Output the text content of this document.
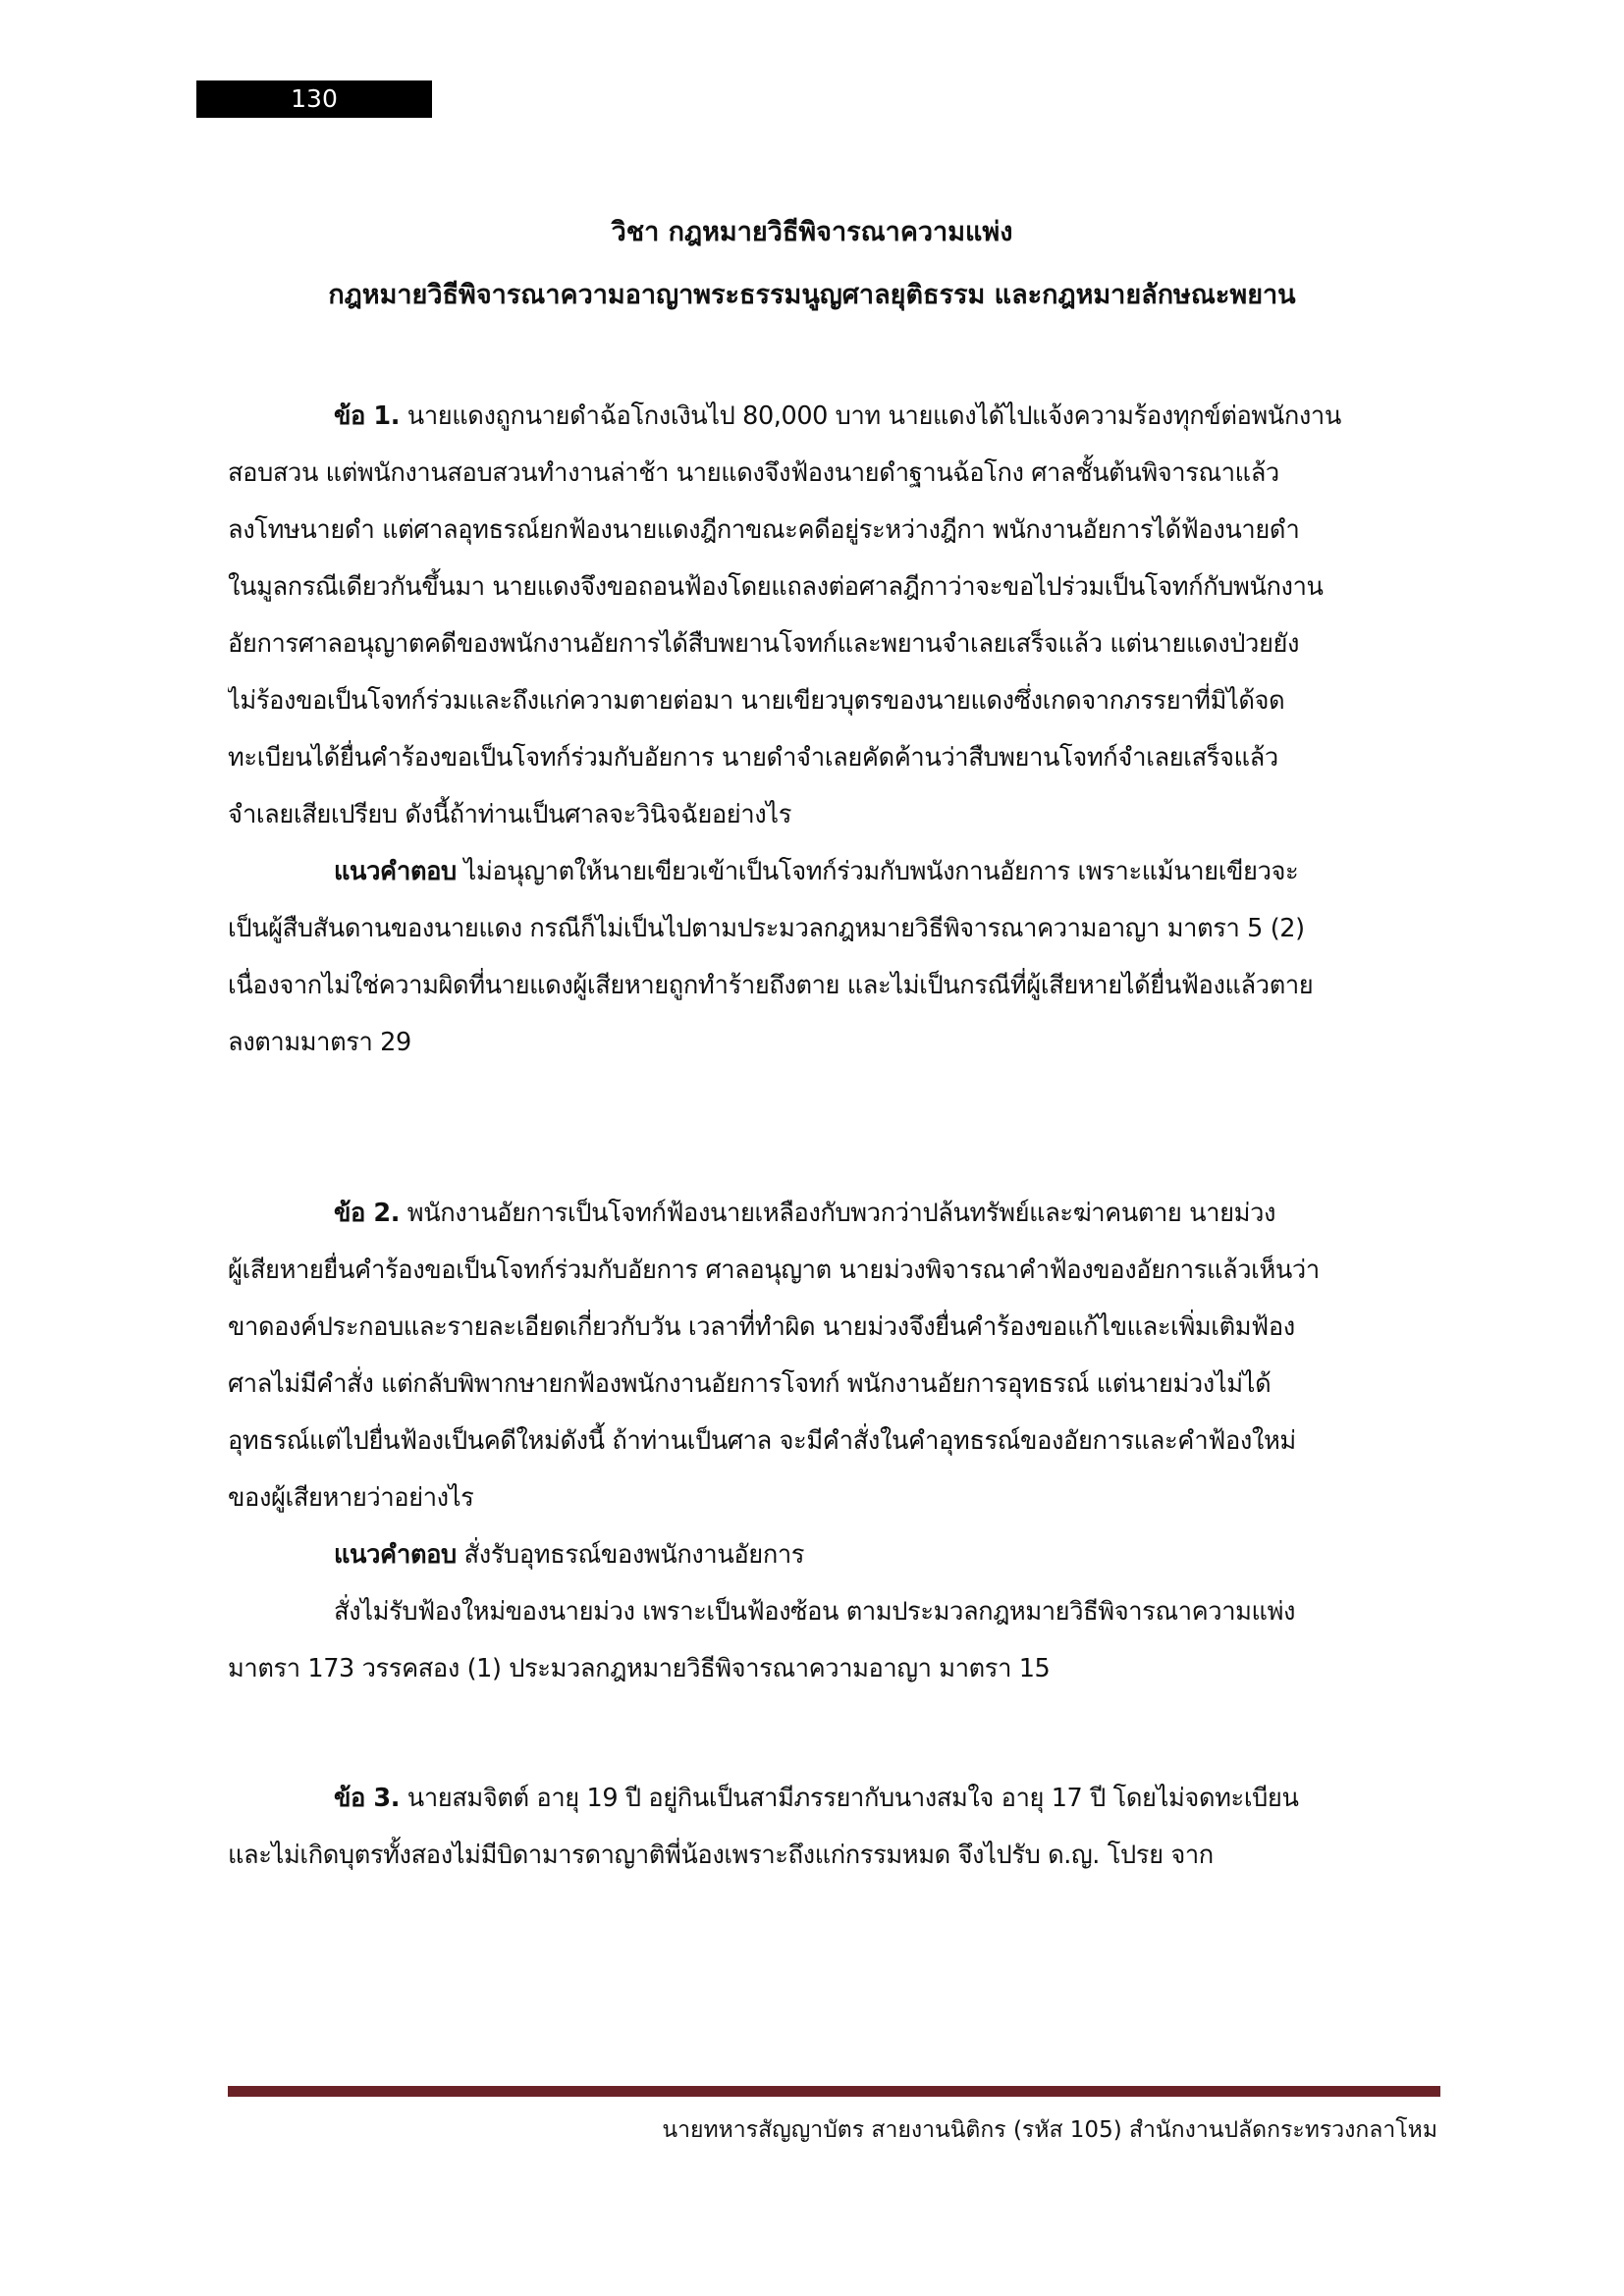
130
วิชา กฎหมายวิธีพิจารณาความแพ่ง
กฎหมายวิธีพิจารณาความอาญาพระธรรมนูญศาลยุติธรรม และกฎหมายลักษณะพยาน
ข้อ 1. นายแดงถูกนายดำฉ้อโกงเงินไป 80,000 บาท นายแดงได้ไปแจ้งความร้องทุกข์ต่อพนักงาน
สอบสวน แต่พนักงานสอบสวนทำงานล่าช้า นายแดงจึงฟ้องนายดำฐานฉ้อโกง ศาลชั้นต้นพิจารณาแล้ว
ลงโทษนายดำ แต่ศาลอุทธรณ์ยกฟ้องนายแดงฎีกาขณะคดีอยู่ระหว่างฎีกา พนักงานอัยการได้ฟ้องนายดำ
ในมูลกรณีเดียวกันขึ้นมา นายแดงจึงขอถอนฟ้องโดยแถลงต่อศาลฎีกาว่าจะขอไปร่วมเป็นโจทก์กับพนักงาน
อัยการศาลอนุญาตคดีของพนักงานอัยการได้สืบพยานโจทก์และพยานจำเลยเสร็จแล้ว แต่นายแดงป่วยยัง
ไม่ร้องขอเป็นโจทก์ร่วมและถึงแก่ความตายต่อมา นายเขียวบุตรของนายแดงซึ่งเกดจากภรรยาที่มิได้จด
ทะเบียนได้ยื่นคำร้องขอเป็นโจทก์ร่วมกับอัยการ นายดำจำเลยคัดค้านว่าสืบพยานโจทก์จำเลยเสร็จแล้ว
จำเลยเสียเปรียบ ดังนี้ถ้าท่านเป็นศาลจะวินิจฉัยอย่างไร
แนวคำตอบ ไม่อนุญาตให้นายเขียวเข้าเป็นโจทก์ร่วมกับพนังกานอัยการ เพราะแม้นายเขียวจะ
เป็นผู้สืบสันดานของนายแดง กรณีก็ไม่เป็นไปตามประมวลกฎหมายวิธีพิจารณาความอาญา มาตรา 5 (2)
เนื่องจากไม่ใช่ความผิดที่นายแดงผู้เสียหายถูกทำร้ายถึงตาย และไม่เป็นกรณีที่ผู้เสียหายได้ยื่นฟ้องแล้วตาย
ลงตามมาตรา 29
ข้อ 2. พนักงานอัยการเป็นโจทก์ฟ้องนายเหลืองกับพวกว่าปล้นทรัพย์และฆ่าคนตาย นายม่วง
ผู้เสียหายยื่นคำร้องขอเป็นโจทก์ร่วมกับอัยการ ศาลอนุญาต นายม่วงพิจารณาคำฟ้องของอัยการแล้วเห็นว่า
ขาดองค์ประกอบและรายละเอียดเกี่ยวกับวัน เวลาที่ทำผิด นายม่วงจึงยื่นคำร้องขอแก้ไขและเพิ่มเติมฟ้อง
ศาลไม่มีคำสั่ง แต่กลับพิพากษายกฟ้องพนักงานอัยการโจทก์ พนักงานอัยการอุทธรณ์ แต่นายม่วงไม่ได้
อุทธรณ์แต่ไปยื่นฟ้องเป็นคดีใหม่ดังนี้ ถ้าท่านเป็นศาล จะมีคำสั่งในคำอุทธรณ์ของอัยการและคำฟ้องใหม่
ของผู้เสียหายว่าอย่างไร
แนวคำตอบ สั่งรับอุทธรณ์ของพนักงานอัยการ
สั่งไม่รับฟ้องใหม่ของนายม่วง เพราะเป็นฟ้องซ้อน ตามประมวลกฎหมายวิธีพิจารณาความแพ่ง
มาตรา 173 วรรคสอง (1) ประมวลกฎหมายวิธีพิจารณาความอาญา มาตรา 15
ข้อ 3. นายสมจิตต์ อายุ 19 ปี อยู่กินเป็นสามีภรรยากับนางสมใจ อายุ 17 ปี โดยไม่จดทะเบียน
และไม่เกิดบุตรทั้งสองไม่มีบิดามารดาญาติพี่น้องเพราะถึงแก่กรรมหมด จึงไปรับ ด.ญ. โปรย จาก
นายทหารสัญญาบัตร สายงานนิติกร (รหัส 105) สำนักงานปลัดกระทรวงกลาโหม
